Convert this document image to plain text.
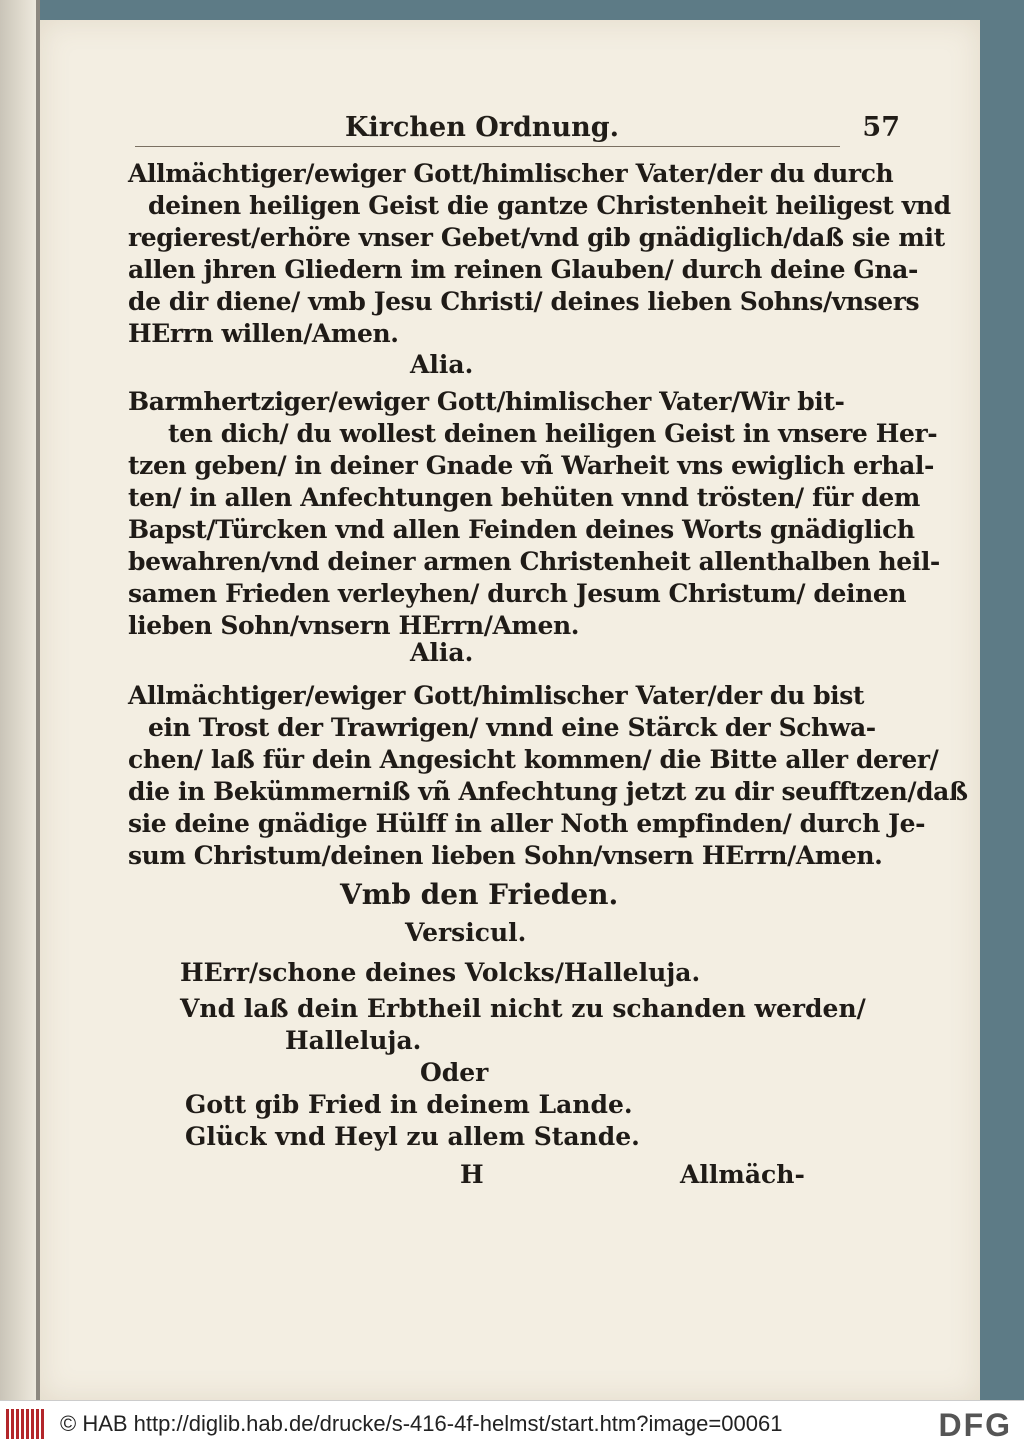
Kirchen Ordnung.	57
Allmächtiger/ewiger Gott/himlischer Vater/der du durch
deinen heiligen Geist die gantze Christenheit heiligest vnd
regierest/erhöre vnser Gebet/vnd gib gnädiglich/daß sie mit
allen jhren Gliedern im reinen Glauben/ durch deine Gna-
de dir diene/ vmb Jesu Christi/ deines lieben Sohns/vnsers
HErrn willen/Amen.
Alia.
Barmhertziger/ewiger Gott/himlischer Vater/Wir bit-
ten dich/ du wollest deinen heiligen Geist in vnsere Her-
tzen geben/ in deiner Gnade vñ Warheit vns ewiglich erhal-
ten/ in allen Anfechtungen behüten vnnd trösten/ für dem
Bapst/Türcken vnd allen Feinden deines Worts gnädiglich
bewahren/vnd deiner armen Christenheit allenthalben heil-
samen Frieden verleyhen/ durch Jesum Christum/ deinen
lieben Sohn/vnsern HErrn/Amen.
Alia.
Allmächtiger/ewiger Gott/himlischer Vater/der du bist
ein Trost der Trawrigen/ vnnd eine Stärck der Schwa-
chen/ laß für dein Angesicht kommen/ die Bitte aller derer/
die in Bekümmerniß vñ Anfechtung jetzt zu dir seufftzen/daß
sie deine gnädige Hülff in aller Noth empfinden/ durch Je-
sum Christum/deinen lieben Sohn/vnsern HErrn/Amen.
Vmb den Frieden.
Versicul.
HErr/schone deines Volcks/Halleluja.
Vnd laß dein Erbtheil nicht zu schanden werden/
Halleluja.
Oder
Gott gib Fried in deinem Lande.
Glück vnd Heyl zu allem Stande.
H	Allmäch-
© HAB http://diglib.hab.de/drucke/s-416-4f-helmst/start.htm?image=00061	DFG
